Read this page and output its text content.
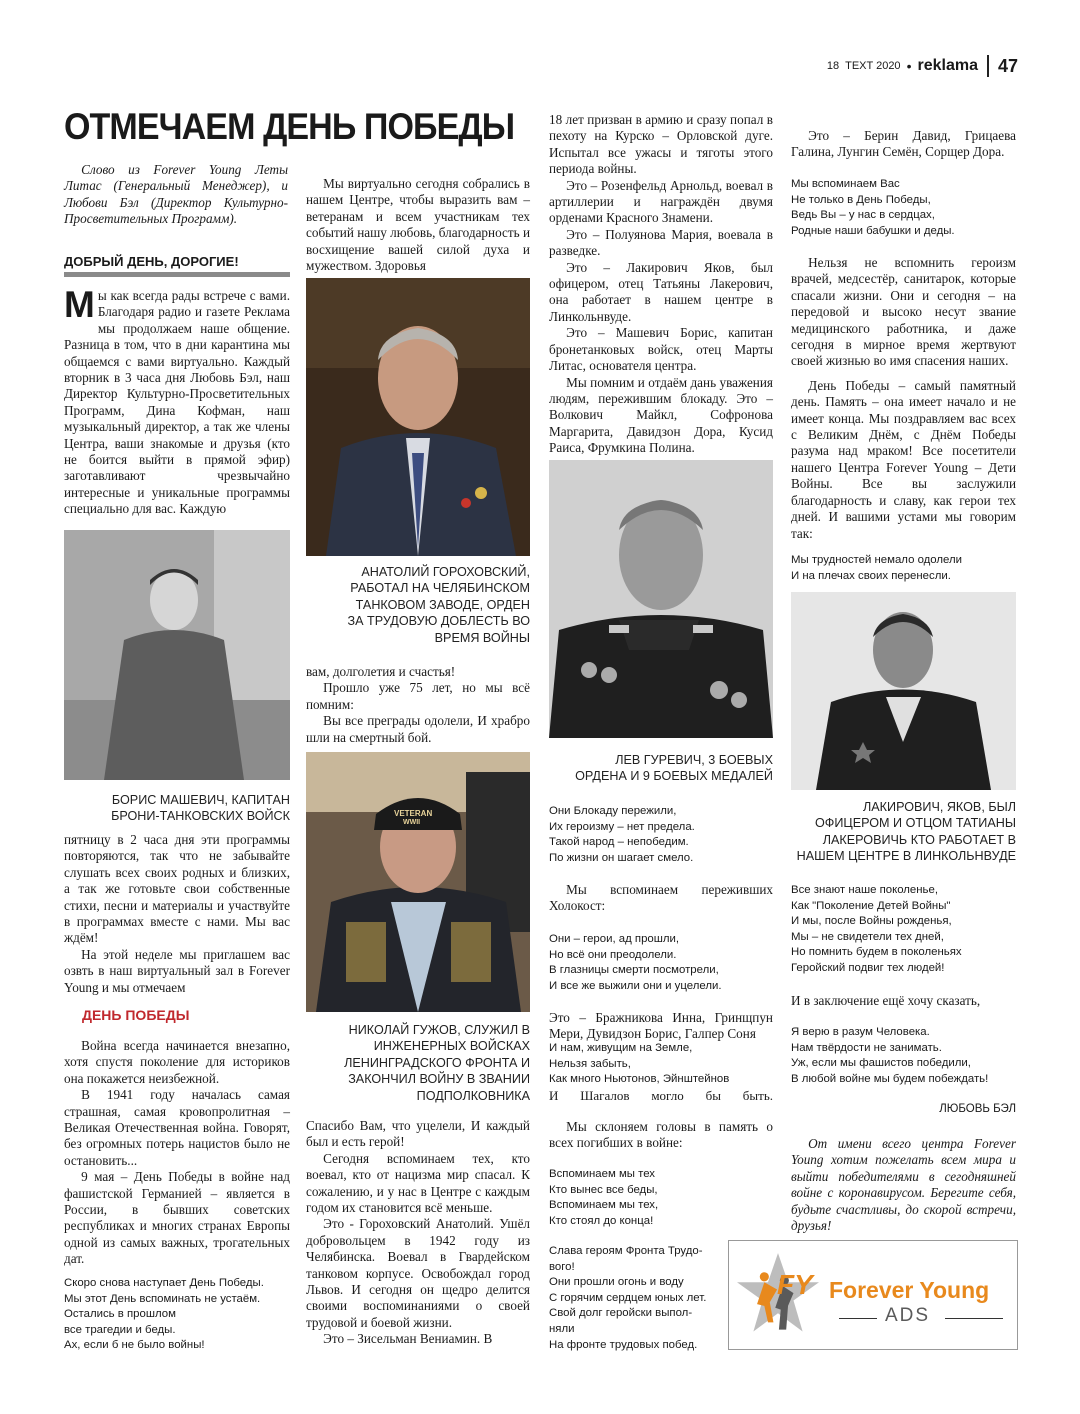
18 TEXT 2020 • reklama 47
ОТМЕЧАЕМ ДЕНЬ ПОБЕДЫ
Слово из Forever Young Леты Литас (Генеральный Менеджер), и Любови Бэл (Директор Культурно-Просветительных Программ).
ДОБРЫЙ ДЕНЬ, ДОРОГИЕ!
М ы как всегда рады встрече с вами. Благодаря радио и газете Реклама мы продолжаем наше общение. Разница в том, что в дни карантина мы общаемся с вами виртуально. Каждый вторник в 3 часа дня Любовь Бэл, наш Директор Культурно-Просветительных Программ, Дина Кофман, наш музыкальный директор, а так же члены Центра, ваши знакомые и друзья (кто не боится выйти в прямой эфир) заготавливают чрезвычайно интересные и уникальные программы специально для вас. Каждую
БОРИС МАШЕВИЧ, КАПИТАН БРОНИ-ТАНКОВСКИХ ВОЙСК

пятницу в 2 часа дня эти программы повторяются, так что не забывайте слушать всех своих родных и близких, а так же готовьте свои собственные стихи, песни и материалы и участвуйте в программах вместе с нами. Мы вас ждём!

На этой неделе мы приглашем вас озвть в наш виртуальный зал в Forever Young и мы отмечаем

ДЕНЬ ПОБЕДЫ

Война всегда начинается внезапно, хотя спустя поколение для историков она покажется неизбежной.

В 1941 году началась самая страшная, самая кровопролитная – Великая Отечественная война. Говорят, без огромных потерь нацистов было не остановить...

9 мая – День Победы в войне над фашистской Германией – является в России, в бывших советских республиках и многих странах Европы одной из самых важных, трогательных дат.

Скоро снова наступает День Победы.
Мы этот День вспоминать не устаём.
Остались в прошлом
все трагедии и беды.
Ах, если б не было войны!
Мы виртуально сегодня собрались в нашем Центре, чтобы выразить вам – ветеранам и всем участникам тех событий нашу любовь, благодарность и восхищение вашей силой духа и мужеством. Здоровья
АНАТОЛИЙ ГОРОХОВСКИЙ, РАБОТАЛ НА ЧЕЛЯБИНСКОМ ТАНКОВОМ ЗАВОДЕ, ОРДЕН ЗА ТРУДОВУЮ ДОБЛЕСТЬ ВО ВРЕМЯ ВОЙНЫ

вам, долголетия и счастья!

Прошло уже 75 лет, но мы всё помним:

Вы все преграды одолели, И храбро шли на смертный бой.

VETERAN
WWII
НИКОЛАЙ ГУЖОВ, СЛУЖИЛ В ИНЖЕНЕРНЫХ ВОЙСКАХ ЛЕНИНГРАДСКОГО ФРОНТА И ЗАКОНЧИЛ ВОЙНУ В ЗВАНИИ ПОДПОЛКОВНИКА

Спасибо Вам, что уцелели, И каждый был и есть герой!

Сегодня вспоминаем тех, кто воевал, кто от нацизма мир спасал. К сожалению, и у нас в Центре с каждым годом их становится всё меньше.

Это - Гороховский Анатолий. Ушёл добровольцем в 1942 году из Челябинска. Воевал в Гвардейском танковом корпусе. Освобождал город Львов. И сегодня он щедро делится своими воспоминаниями о своей трудовой и боевой жизни.

Это – Зисельман Вениамин. В

18 лет призван в армию и сразу попал в пехоту на Курско – Орловской дуге. Испытал все ужасы и тяготы этого периода войны.

Это – Розенфельд Арнольд, воевал в артиллерии и награждён двумя орденами Красного Знамени.

Это – Полуянова Мария, воевала в разведке.

Это – Лакирович Яков, был офицером, отец Татьяны Лакерович, она работает в нашем центре в Линкольнвуде.

Это – Машевич Борис, капитан бронетанковых войск, отец Марты Литас, основателя центра.

Мы помним и отдаём дань уважения людям, пережившим блокаду. Это – Волкович Майкл, Софронова Маргарита, Давидзон Дора, Кусид Раиса, Фрумкина Полина.

ЛЕВ ГУРЕВИЧ, 3 БОЕВЫХ ОРДЕНА И 9 БОЕВЫХ МЕДАЛЕЙ
Они Блокаду пережили,
Их героизму – нет предела.
Такой народ – непобедим.
По жизни он шагает смело.
Мы вспоминаем переживших Холокост:
Они – герои, ад прошли,
Но всё они преодолели.
В глазницы смерти посмотрели,
И все же выжили они и уцелели.
Это – Бражникова Инна, Гринщпун Мери, Дувидзон Борис, Галпер Соня
И нам, живущим на Земле,
Нельзя забыть,
Как много Ньютонов, Эйнштейнов
И Шагалов могло бы быть.
Мы склоняем головы в память о всех погибших в войне:
Вспоминаем мы тех
Кто вынес все беды,
Вспоминаем мы тех,
Кто стоял до конца!
Слава героям Фронта Трудо-
вого!
Они прошли огонь и воду
С горячим сердцем юных лет.
Свой долг геройски выпол-
няли
На фронте трудовых побед.
Это – Берин Давид, Грицаева Галина, Лунгин Семён, Сорщер Дора.
Мы вспоминаем Вас
Не только в День Победы,
Ведь Вы – у нас в сердцах,
Родные наши бабушки и деды.

Нельзя не вспомнить героизм врачей, медсестёр, санитарок, которые спасали жизни. Они и сегодня – на передовой и высоко несут звание медицинского работника, и даже сегодня в мирное время жертвуют своей жизнью во имя спасения наших.

День Победы – самый памятный день. Память – она имеет начало и не имеет конца. Мы поздравляем вас всех с Великим Днём, с Днём Победы разума над мраком! Все посетители нашего Центра Forever Young – Дети Войны. Все вы заслужили благодарность и славу, как герои тех дней. И вашими устами мы говорим так:

Мы трудностей немало одолели
И на плечах своих перенесли.
ЛАКИРОВИЧ, ЯКОВ, БЫЛ ОФИЦЕРОМ И ОТЦОМ ТАТИАНЫ ЛАКЕРОВИЧЬ КТО РАБОТАЕТ В НАШЕМ ЦЕНТРЕ В ЛИНКОЛЬНВУДЕ
Все знают наше поколенье,
Как "Поколение Детей Войны"
И мы, после Войны рожденья,
Мы – не свидетели тех дней,
Но помнить будем в поколеньях
Геройский подвиг тех людей!
И в заключение ещё хочу сказать,
Я верю в разум Человека.
Нам твёрдости не занимать.
Уж, если мы фашистов победили,
В любой войне мы будем побеждать!
ЛЮБОВЬ БЭЛ
От имени всего центра Forever Young хотим пожелать всем мира и выйти победителями в сегодняшней войне с коронавирусом. Берегите себя, будьте счастливы, до скорой встречи, друзья!
FY Forever Young
ADS
